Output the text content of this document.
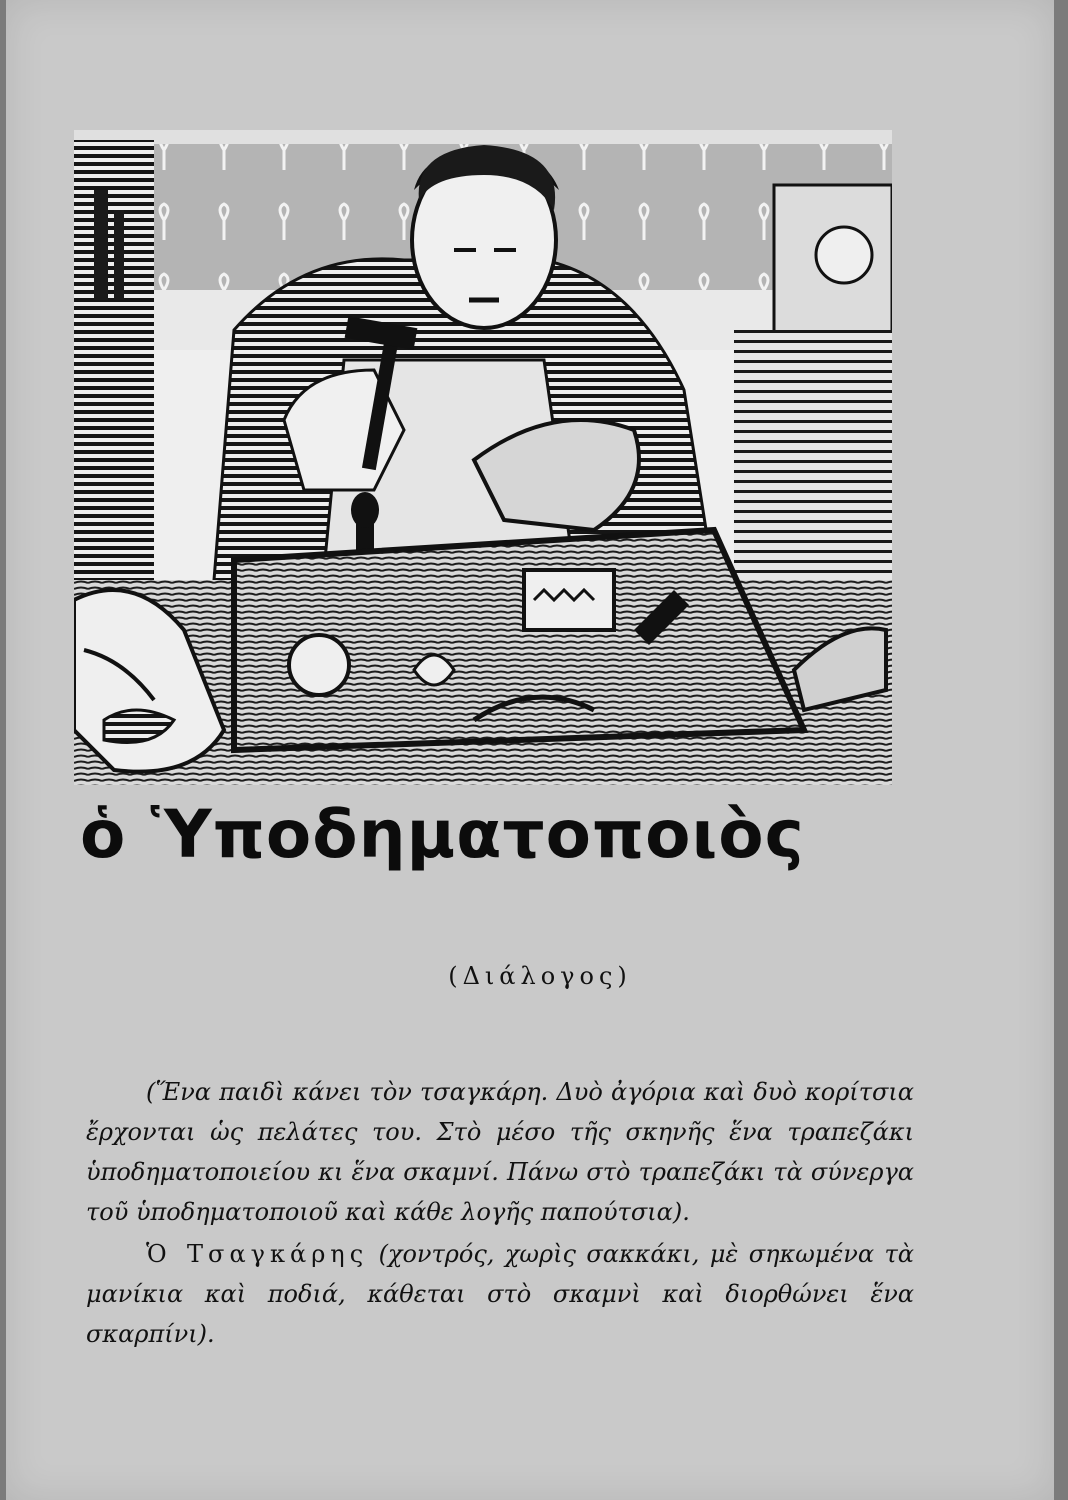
ὁ Ὑποδηματοποιὸς
(Διάλογος)

(Ἕνα παιδὶ κάνει τὸν τσαγκάρη. Δυὸ ἀγόρια καὶ δυὸ κορίτσια ἔρχονται ὡς πελάτες του. Στὸ μέσο τῆς σκηνῆς ἕνα τραπεζάκι ὑποδηματοποιείου κι ἕνα σκαμνί. Πάνω στὸ τραπεζάκι τὰ σύνεργα τοῦ ὑποδηματοποιοῦ καὶ κάθε λογῆς παπούτσια).

Ὁ Τσαγκάρης (χοντρός, χωρὶς σακκάκι, μὲ σηκωμένα τὰ μανίκια καὶ ποδιά, κάθεται στὸ σκαμνὶ καὶ διορθώνει ἕνα σκαρπίνι).
